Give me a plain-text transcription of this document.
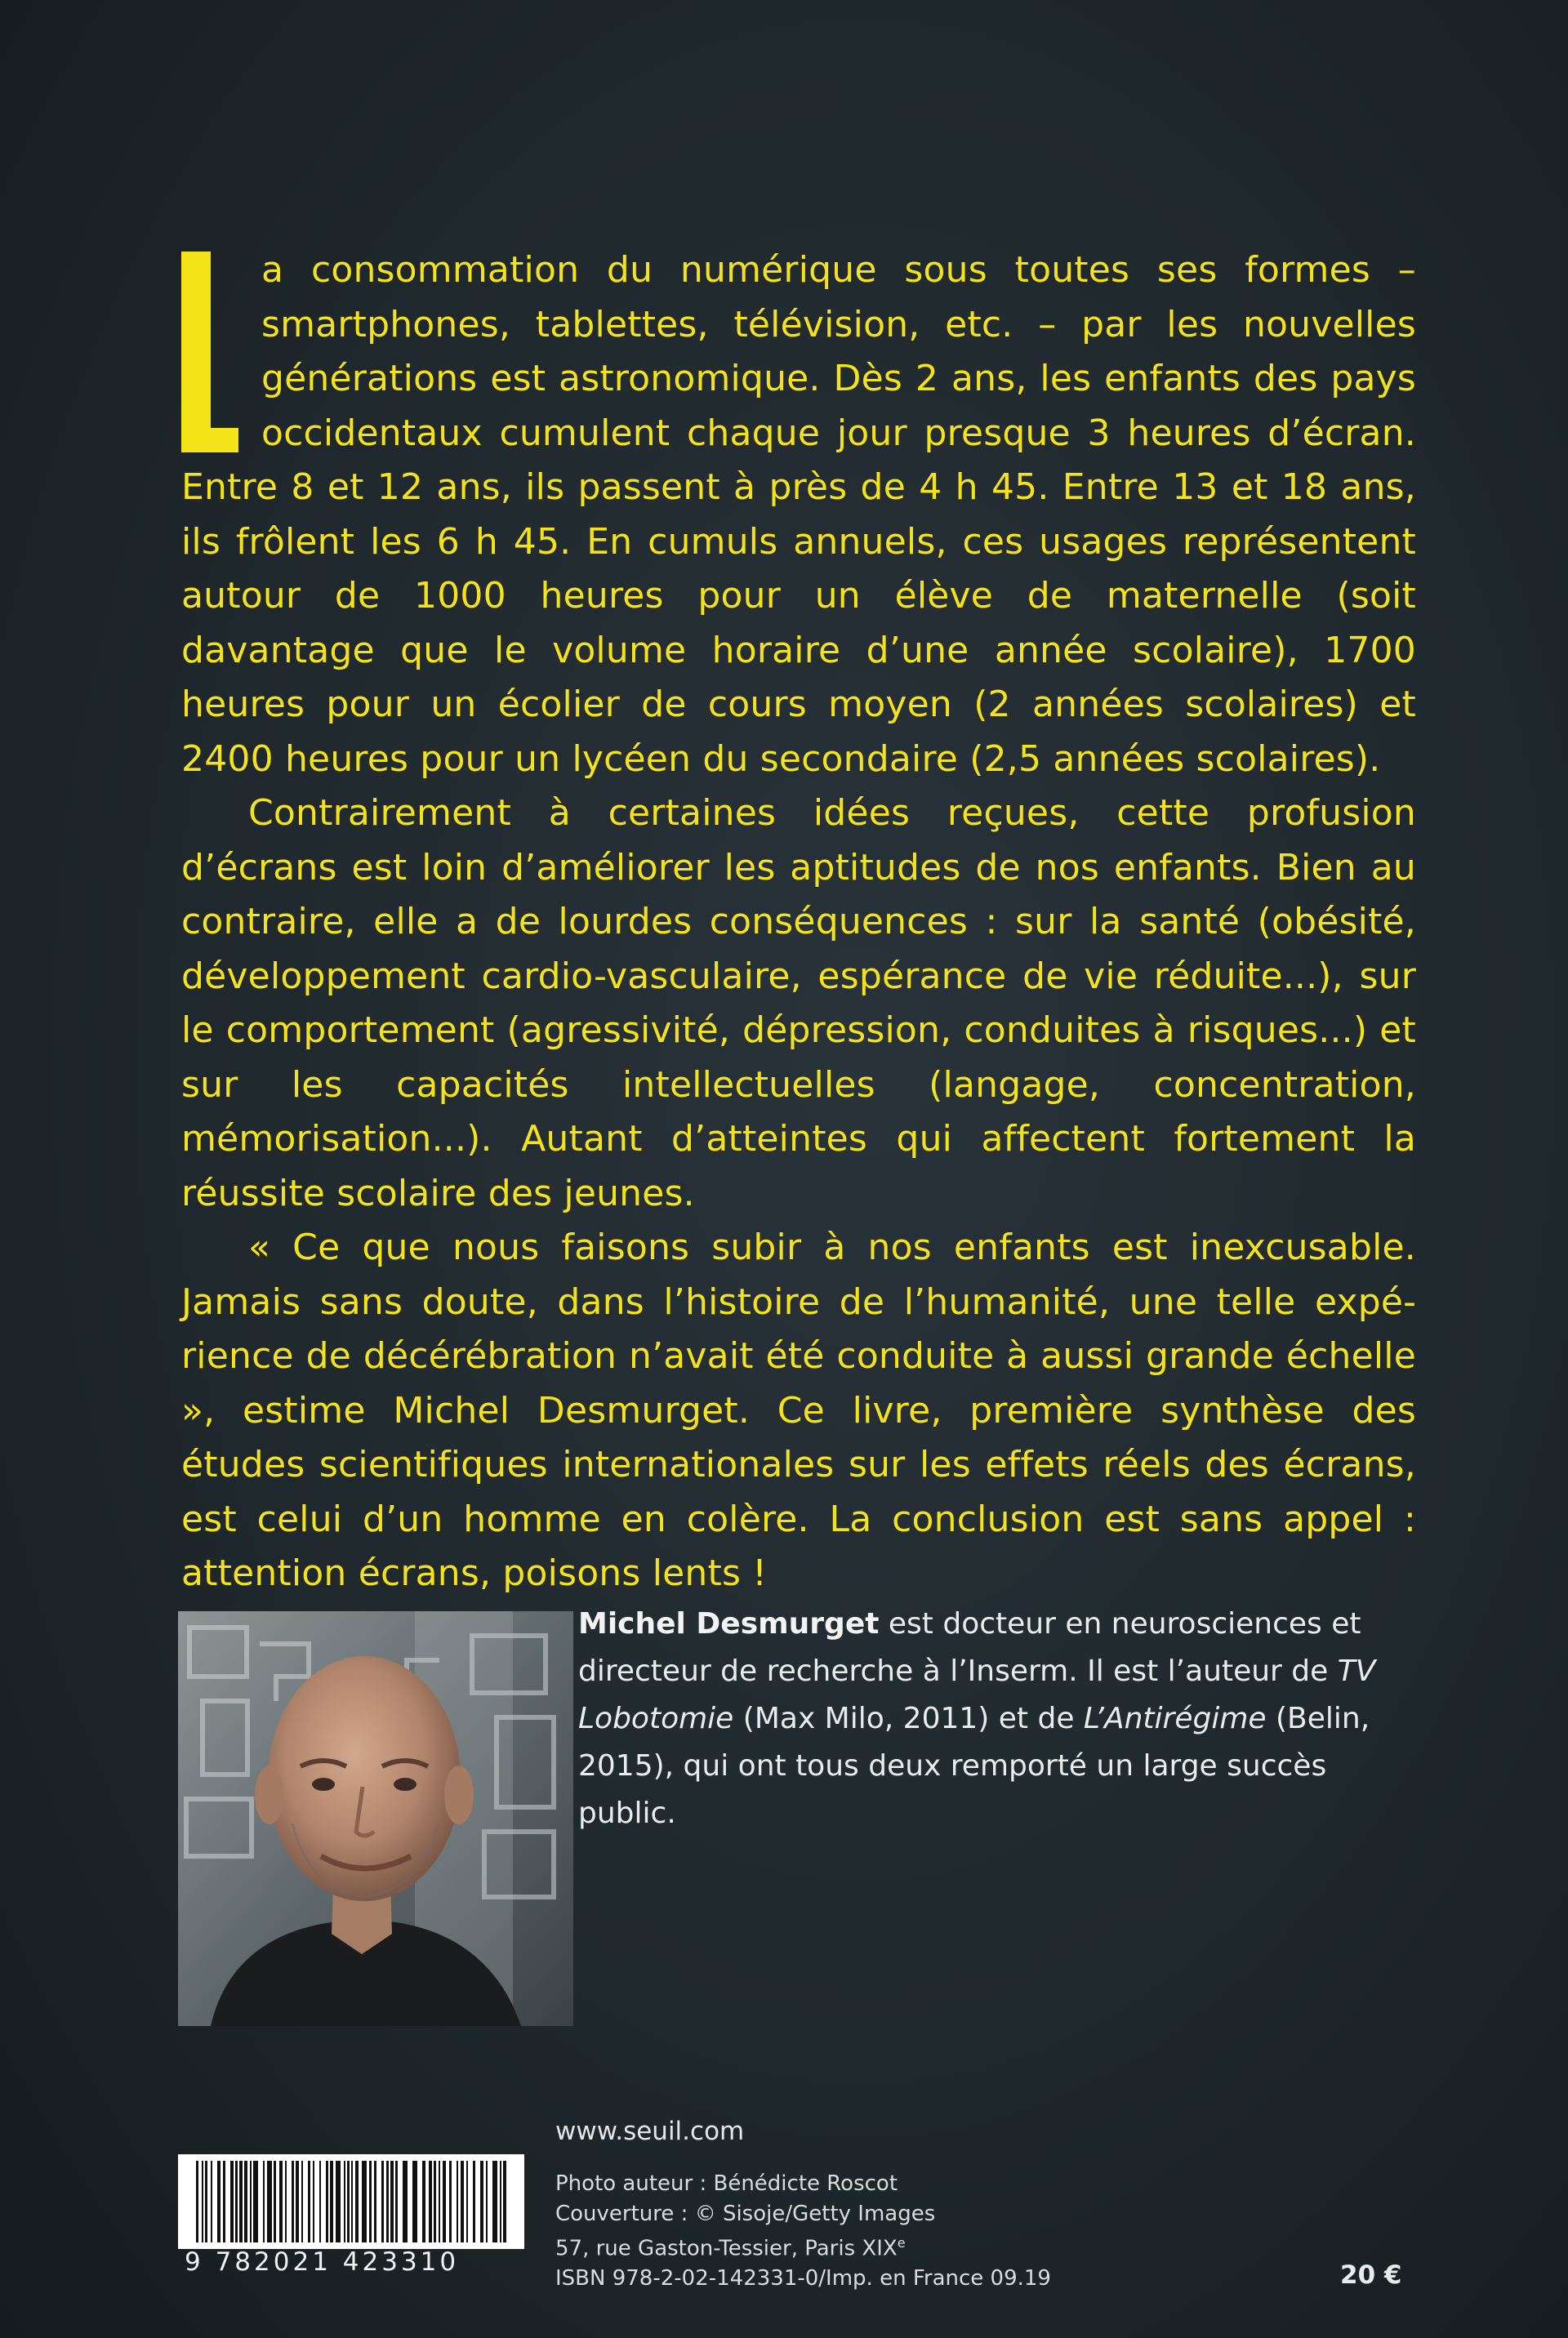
a consommation du numérique sous toutes ses formes – smartphones, tablettes, télévision, etc. – par les nouvelles générations est astronomique. Dès 2 ans, les enfants des pays occidentaux cumulent chaque jour presque 3 heures d’écran. Entre 8 et 12 ans, ils passent à près de 4 h 45. Entre 13 et 18 ans, ils frôlent les 6 h 45. En cumuls annuels, ces usages représentent autour de 1000 heures pour un élève de maternelle (soit davantage que le volume horaire d’une année scolaire), 1700 heures pour un écolier de cours moyen (2 années scolaires) et 2400 heures pour un lycéen du secondaire (2,5 années scolaires).

Contrairement à certaines idées reçues, cette profusion d’écrans est loin d’améliorer les aptitudes de nos enfants. Bien au contraire, elle a de lourdes conséquences : sur la santé (obésité, développement cardio-vasculaire, espérance de vie réduite...), sur le comportement (agressivité, dépression, conduites à risques...) et sur les capacités intellectuelles (langage, concentration, mémorisation...). Autant d’atteintes qui affectent fortement la réussite scolaire des jeunes.

« Ce que nous faisons subir à nos enfants est inexcusable. Jamais sans doute, dans l’histoire de l’humanité, une telle expérience de décérébration n’avait été conduite à aussi grande échelle », estime Michel Desmurget. Ce livre, première synthèse des études scientifiques internationales sur les effets réels des écrans, est celui d’un homme en colère. La conclusion est sans appel : attention écrans, poisons lents !

Michel Desmurget est docteur en neurosciences et directeur de recherche à l’Inserm. Il est l’auteur de TV Lobotomie (Max Milo, 2011) et de L’Antirégime (Belin, 2015), qui ont tous deux remporté un large succès public.
www.seuil.com
9 782021 423310
Photo auteur : Bénédicte Roscot
Couverture : © Sisoje/Getty Images
57, rue Gaston-Tessier, Paris XIXe
ISBN 978-2-02-142331-0/Imp. en France 09.19	20 €
